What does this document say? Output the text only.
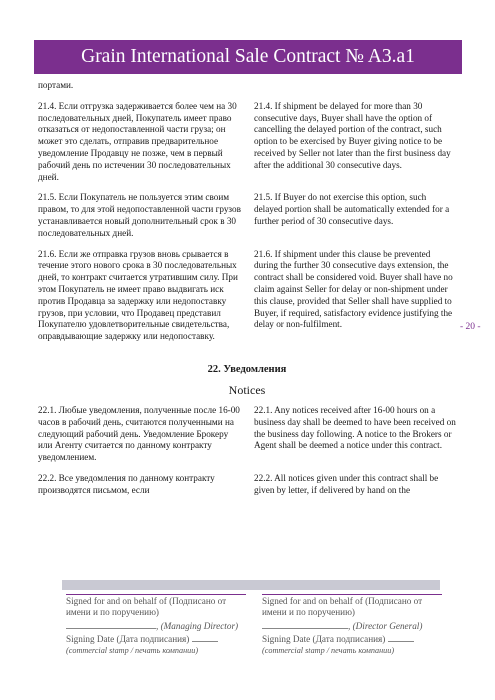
Grain International Sale Contract № A3.a1
- 20 -
портами.
21.4. Если отгрузка задерживается более чем на 30 последовательных дней, Покупатель имеет право отказаться от недопоставленной части груза; он может это сделать, отправив предварительное уведомление Продавцу не позже, чем в первый рабочий день по истечении 30 последовательных дней.
21.4. If shipment be delayed for more than 30 consecutive days, Buyer shall have the option of cancelling the delayed portion of the contract, such option to be exercised by Buyer giving notice to be received by Seller not later than the first business day after the additional 30 consecutive days.
21.5. Если Покупатель не пользуется этим своим правом, то для этой недопоставленной части грузов устанавливается новый дополнительный срок в 30 последовательных дней.
21.5. If Buyer do not exercise this option, such delayed portion shall be automatically extended for a further period of 30 consecutive days.
21.6. Если же отправка грузов вновь срывается в течение этого нового срока в 30 последовательных дней, то контракт считается утратившим силу. При этом Покупатель не имеет право выдвигать иск против Продавца за задержку или недопоставку грузов, при условии, что Продавец представил Покупателю удовлетворительные свидетельства, оправдывающие задержку или недопоставку.
21.6. If shipment under this clause be prevented during the further 30 consecutive days extension, the contract shall be considered void. Buyer shall have no claim against Seller for delay or non-shipment under this clause, provided that Seller shall have supplied to Buyer, if required, satisfactory evidence justifying the delay or non-fulfilment.
22. Уведомления
Notices
22.1. Любые уведомления, полученные после 16-00 часов в рабочий день, считаются полученными на следующий рабочий день. Уведомление Брокеру или Агенту считается по данному контракту уведомлением.
22.1. Any notices received after 16-00 hours on a business day shall be deemed to have been received on the business day following. A notice to the Brokers or Agent shall be deemed a notice under this contract.
22.2. Все уведомления по данному контракту производятся письмом, если
22.2. All notices given under this contract shall be given by letter, if delivered by hand on the
Signed for and on behalf of (Подписано от имени и по поручению)
, (Managing Director)
Signing Date (Дата подписания)
(commercial stamp / печать компании)
Signed for and on behalf of (Подписано от имени и по поручению)
, (Director General)
Signing Date (Дата подписания)
(commercial stamp / печать компании)
